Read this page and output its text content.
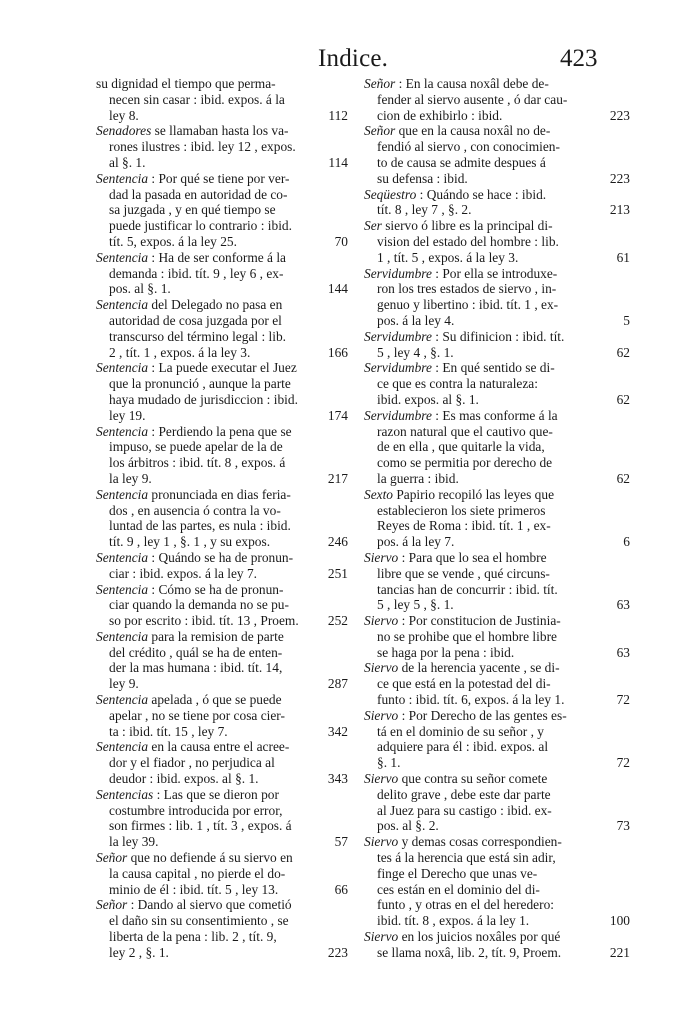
Indice.	423
su dignidad el tiempo que perma-
necen sin casar : ibid. expos. á la
ley 8.	112
Senadores se llamaban hasta los va-
rones ilustres : ibid. ley 12 , expos.
al §. 1.	114
Sentencia : Por qué se tiene por ver-
dad la pasada en autoridad de co-
sa juzgada , y en qué tiempo se
puede justificar lo contrario : ibid.
tít. 5, expos. á la ley 25.	70
Sentencia : Ha de ser conforme á la
demanda : ibid. tít. 9 , ley 6 , ex-
pos. al §. 1.	144
Sentencia del Delegado no pasa en
autoridad de cosa juzgada por el
transcurso del término legal : lib.
2 , tít. 1 , expos. á la ley 3.	166
Sentencia : La puede executar el Juez
que la pronunció , aunque la parte
haya mudado de jurisdiccion : ibid.
ley 19.	174
Sentencia : Perdiendo la pena que se
impuso, se puede apelar de la de
los árbitros : ibid. tít. 8 , expos. á
la ley 9.	217
Sentencia pronunciada en dias feria-
dos , en ausencia ó contra la vo-
luntad de las partes, es nula : ibid.
tít. 9 , ley 1 , §. 1 , y su expos.	246
Sentencia : Quándo se ha de pronun-
ciar : ibid. expos. á la ley 7.	251
Sentencia : Cómo se ha de pronun-
ciar quando la demanda no se pu-
so por escrito : ibid. tít. 13 , Proem.	252
Sentencia para la remision de parte
del crédito , quál se ha de enten-
der la mas humana : ibid. tít. 14,
ley 9.	287
Sentencia apelada , ó que se puede
apelar , no se tiene por cosa cier-
ta : ibid. tít. 15 , ley 7.	342
Sentencia en la causa entre el acree-
dor y el fiador , no perjudica al
deudor : ibid. expos. al §. 1.	343
Sentencias : Las que se dieron por
costumbre introducida por error,
son firmes : lib. 1 , tít. 3 , expos. á
la ley 39.	57
Señor que no defiende á su siervo en
la causa capital , no pierde el do-
minio de él : ibid. tít. 5 , ley 13.	66
Señor : Dando al siervo que cometió
el daño sin su consentimiento , se
liberta de la pena : lib. 2 , tít. 9,
ley 2 , §. 1.	223
Señor : En la causa noxâl debe de-
fender al siervo ausente , ó dar cau-
cion de exhibirlo : ibid.	223
Señor que en la causa noxâl no de-
fendió al siervo , con conocimien-
to de causa se admite despues á
su defensa : ibid.	223
Seqüestro : Quándo se hace : ibid.
tít. 8 , ley 7 , §. 2.	213
Ser siervo ó libre es la principal di-
vision del estado del hombre : lib.
1 , tít. 5 , expos. á la ley 3.	61
Servidumbre : Por ella se introduxe-
ron los tres estados de siervo , in-
genuo y libertino : ibid. tít. 1 , ex-
pos. á la ley 4.	5
Servidumbre : Su difinicion : ibid. tít.
5 , ley 4 , §. 1.	62
Servidumbre : En qué sentido se di-
ce que es contra la naturaleza:
ibid. expos. al §. 1.	62
Servidumbre : Es mas conforme á la
razon natural que el cautivo que-
de en ella , que quitarle la vida,
como se permitia por derecho de
la guerra : ibid.	62
Sexto Papirio recopiló las leyes que
establecieron los siete primeros
Reyes de Roma : ibid. tít. 1 , ex-
pos. á la ley 7.	6
Siervo : Para que lo sea el hombre
libre que se vende , qué circuns-
tancias han de concurrir : ibid. tít.
5 , ley 5 , §. 1.	63
Siervo : Por constitucion de Justinia-
no se prohibe que el hombre libre
se haga por la pena : ibid.	63
Siervo de la herencia yacente , se di-
ce que está en la potestad del di-
funto : ibid. tít. 6, expos. á la ley 1.	72
Siervo : Por Derecho de las gentes es-
tá en el dominio de su señor , y
adquiere para él : ibid. expos. al
§. 1.	72
Siervo que contra su señor comete
delito grave , debe este dar parte
al Juez para su castigo : ibid. ex-
pos. al §. 2.	73
Siervo y demas cosas correspondien-
tes á la herencia que está sin adir,
finge el Derecho que unas ve-
ces están en el dominio del di-
funto , y otras en el del heredero:
ibid. tít. 8 , expos. á la ley 1.	100
Siervo en los juicios noxâles por qué
se llama noxâ, lib. 2, tít. 9, Proem.	221
